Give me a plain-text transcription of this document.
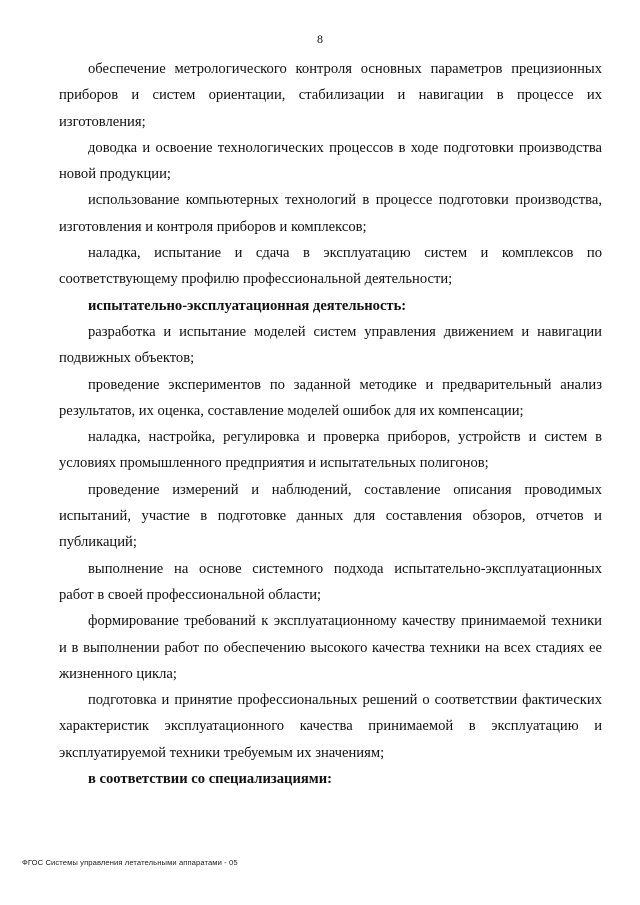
8

обеспечение метрологического контроля основных параметров прецизионных приборов и систем ориентации, стабилизации и навигации в процессе их изготовления;

доводка и освоение технологических процессов в ходе подготовки производства новой продукции;

использование компьютерных технологий в процессе подготовки производства, изготовления и контроля приборов и комплексов;

наладка, испытание и сдача в эксплуатацию систем и комплексов по соответствующему профилю профессиональной деятельности;

испытательно-эксплуатационная деятельность:

разработка и испытание моделей систем управления движением и навигации подвижных объектов;

проведение экспериментов по заданной методике и предварительный анализ результатов, их оценка, составление моделей ошибок для их компенсации;

наладка, настройка, регулировка и проверка приборов, устройств и систем в условиях промышленного предприятия и испытательных полигонов;

проведение измерений и наблюдений, составление описания проводимых испытаний, участие в подготовке данных для составления обзоров, отчетов и публикаций;

выполнение на основе системного подхода испытательно-эксплуатационных работ в своей профессиональной области;

формирование требований к эксплуатационному качеству принимаемой техники и в выполнении работ по обеспечению высокого качества техники на всех стадиях ее жизненного цикла;

подготовка и принятие профессиональных решений о соответствии фактических характеристик эксплуатационного качества принимаемой в эксплуатацию и эксплуатируемой техники требуемым их значениям;

в соответствии со специализациями:

ФГОС Системы управления летательными аппаратами - 05
